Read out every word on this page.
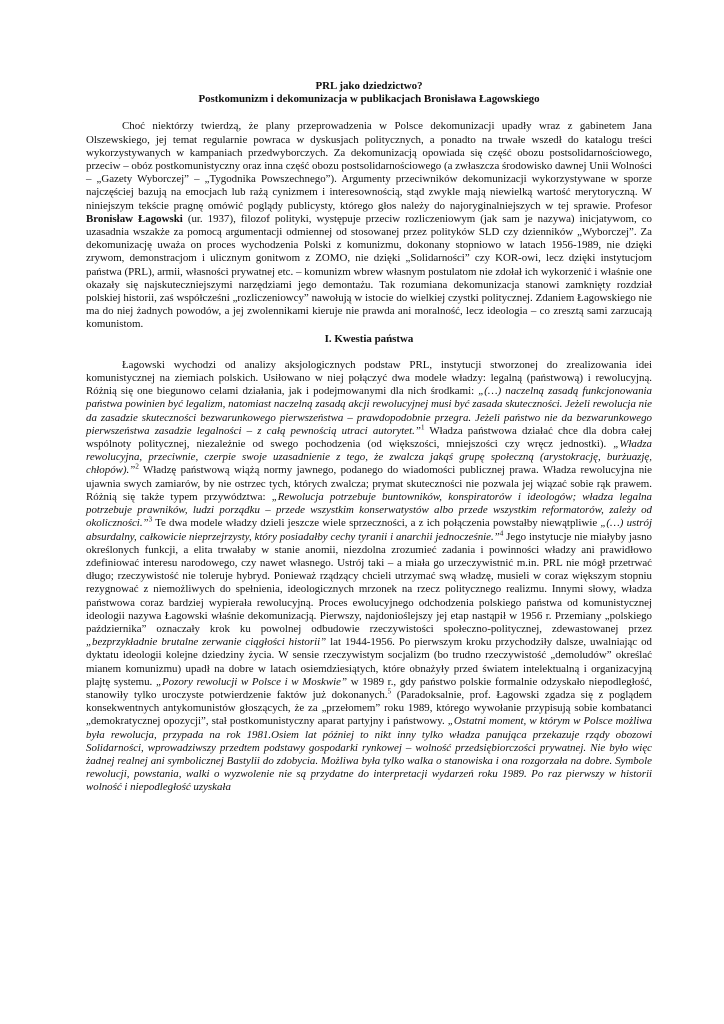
PRL jako dziedzictwo?
Postkomunizm i dekomunizacja w publikacjach Bronisława Łagowskiego

Choć niektórzy twierdzą, że plany przeprowadzenia w Polsce dekomunizacji upadły wraz z gabinetem Jana Olszewskiego, jej temat regularnie powraca w dyskusjach politycznych, a ponadto na trwałe wszedł do katalogu treści wykorzystywanych w kampaniach przedwyborczych. Za dekomunizacją opowiada się część obozu postsolidarnościowego, przeciw – obóz postkomunistyczny oraz inna część obozu postsolidarnościowego (a zwłaszcza środowisko dawnej Unii Wolności – „Gazety Wyborczej” – „Tygodnika Powszechnego”). Argumenty przeciwników dekomunizacji wykorzystywane w sporze najczęściej bazują na emocjach lub rażą cynizmem i interesownością, stąd zwykle mają niewielką wartość merytoryczną. W niniejszym tekście pragnę omówić poglądy publicysty, którego głos należy do najoryginalniejszych w tej sprawie. Profesor Bronisław Łagowski (ur. 1937), filozof polityki, występuje przeciw rozliczeniowym (jak sam je nazywa) inicjatywom, co uzasadnia wszakże za pomocą argumentacji odmiennej od stosowanej przez polityków SLD czy dzienników „Wyborczej”. Za dekomunizację uważa on proces wychodzenia Polski z komunizmu, dokonany stopniowo w latach 1956-1989, nie dzięki zrywom, demonstracjom i ulicznym gonitwom z ZOMO, nie dzięki „Solidarności” czy KOR-owi, lecz dzięki instytucjom państwa (PRL), armii, własności prywatnej etc. – komunizm wbrew własnym postulatom nie zdołał ich wykorzenić i właśnie one okazały się najskuteczniejszymi narzędziami jego demontażu. Tak rozumiana dekomunizacja stanowi zamknięty rozdział polskiej historii, zaś współcześni „rozliczeniowcy” nawołują w istocie do wielkiej czystki politycznej. Zdaniem Łagowskiego nie ma do niej żadnych powodów, a jej zwolennikami kieruje nie prawda ani moralność, lecz ideologia – co zresztą sami zarzucają komunistom.

I. Kwestia państwa

Łagowski wychodzi od analizy aksjologicznych podstaw PRL, instytucji stworzonej do zrealizowania idei komunistycznej na ziemiach polskich. Usiłowano w niej połączyć dwa modele władzy: legalną (państwową) i rewolucyjną. Różnią się one biegunowo celami działania, jak i podejmowanymi dla nich środkami: „(…) naczelną zasadą funkcjonowania państwa powinien być legalizm, natomiast naczelną zasadą akcji rewolucyjnej musi być zasada skuteczności. Jeżeli rewolucja nie da zasadzie skuteczności bezwarunkowego pierwszeństwa – prawdopodobnie przegra. Jeżeli państwo nie da bezwarunkowego pierwszeństwa zasadzie legalności – z całą pewnością utraci autorytet.”$^1$ Władza państwowa działać chce dla dobra całej wspólnoty politycznej, niezależnie od swego pochodzenia (od większości, mniejszości czy wręcz jednostki). „Władza rewolucyjna, przeciwnie, czerpie swoje uzasadnienie z tego, że zwalcza jakąś grupę społeczną (arystokrację, burżuazję, chłopów).”$^2$ Władzę państwową wiążą normy jawnego, podanego do wiadomości publicznej prawa. Władza rewolucyjna nie ujawnia swych zamiarów, by nie ostrzec tych, których zwalcza; prymat skuteczności nie pozwala jej wiązać sobie rąk prawem. Różnią się także typem przywództwa: „Rewolucja potrzebuje buntowników, konspiratorów i ideologów; władza legalna potrzebuje prawników, ludzi porządku – przede wszystkim konserwatystów albo przede wszystkim reformatorów, zależy od okoliczności.”$^3$ Te dwa modele władzy dzieli jeszcze wiele sprzeczności, a z ich połączenia powstałby niewątpliwie „(…) ustrój absurdalny, całkowicie nieprzejrzysty, który posiadałby cechy tyranii i anarchii jednocześnie.”$^4$ Jego instytucje nie miałyby jasno określonych funkcji, a elita trwałaby w stanie anomii, niezdolna zrozumieć zadania i powinności władzy ani prawidłowo zdefiniować interesu narodowego, czy nawet własnego. Ustrój taki – a miała go urzeczywistnić m.in. PRL nie mógł przetrwać długo; rzeczywistość nie toleruje hybryd. Ponieważ rządzący chcieli utrzymać swą władzę, musieli w coraz większym stopniu rezygnować z niemożliwych do spełnienia, ideologicznych mrzonek na rzecz politycznego realizmu. Innymi słowy, władza państwowa coraz bardziej wypierała rewolucyjną. Proces ewolucyjnego odchodzenia polskiego państwa od komunistycznej ideologii nazywa Łagowski właśnie dekomunizacją. Pierwszy, najdonioślejszy jej etap nastąpił w 1956 r. Przemiany „polskiego października” oznaczały krok ku powolnej odbudowie rzeczywistości społeczno-politycznej, zdewastowanej przez „bezprzykładnie brutalne zerwanie ciągłości historii” lat 1944-1956. Po pierwszym kroku przychodziły dalsze, uwalniając od dyktatu ideologii kolejne dziedziny życia. W sensie rzeczywistym socjalizm (bo trudno rzeczywistość „demoludów” określać mianem komunizmu) upadł na dobre w latach osiemdziesiątych, które obnażyły przed światem intelektualną i organizacyjną plajtę systemu. „Pozory rewolucji w Polsce i w Moskwie” w 1989 r., gdy państwo polskie formalnie odzyskało niepodległość, stanowiły tylko uroczyste potwierdzenie faktów już dokonanych.$^5$ (Paradoksalnie, prof. Łagowski zgadza się z poglądem konsekwentnych antykomunistów głoszących, że za „przełomem” roku 1989, którego wywołanie przypisują sobie kombatanci „demokratycznej opozycji”, stał postkomunistyczny aparat partyjny i państwowy. „Ostatni moment, w którym w Polsce możliwa była rewolucja, przypada na rok 1981.Osiem lat później to nikt inny tylko władza panująca przekazuje rządy obozowi Solidarności, wprowadziwszy przedtem podstawy gospodarki rynkowej – wolność przedsiębiorczości prywatnej. Nie było więc żadnej realnej ani symbolicznej Bastylii do zdobycia. Możliwa była tylko walka o stanowiska i ona rozgorzała na dobre. Symbole rewolucji, powstania, walki o wyzwolenie nie są przydatne do interpretacji wydarzeń roku 1989. Po raz pierwszy w historii wolność i niepodległość uzyskała
